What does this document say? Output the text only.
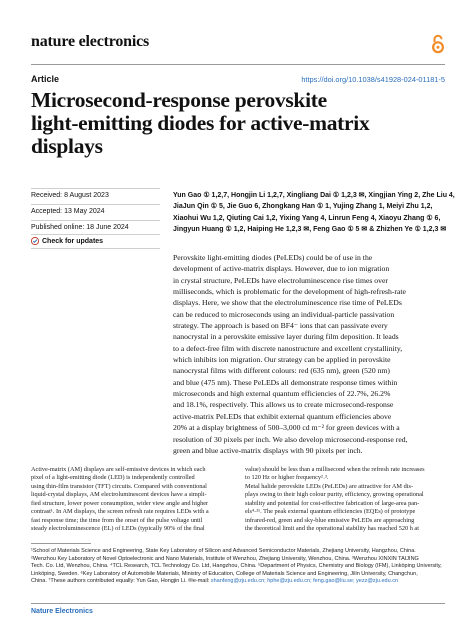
nature electronics
Article	https://doi.org/10.1038/s41928-024-01181-5
Microsecond-response perovskite
light-emitting diodes for active-matrix
displays
Received: 8 August 2023
Accepted: 13 May 2024
Published online: 18 June 2024
Check for updates
Yun Gao ① 1,2,7, Hongjin Li 1,2,7, Xingliang Dai ① 1,2,3 ✉, Xingjian Ying 2, Zhe Liu 4,
JiaJun Qin ① 5, Jie Guo 6, Zhongkang Han ① 1, Yujing Zhang 1, Meiyi Zhu 1,2,
Xiaohui Wu 1,2, Qiuting Cai 1,2, Yixing Yang 4, Linrun Feng 4, Xiaoyu Zhang ① 6,
Jingyun Huang ① 1,2, Haiping He 1,2,3 ✉, Feng Gao ① 5 ✉ & Zhizhen Ye ① 1,2,3 ✉
Perovskite light-emitting diodes (PeLEDs) could be of use in the
development of active-matrix displays. However, due to ion migration
in crystal structure, PeLEDs have electroluminescence rise times over
milliseconds, which is problematic for the development of high-refresh-rate
displays. Here, we show that the electroluminescence rise time of PeLEDs
can be reduced to microseconds using an individual-particle passivation
strategy. The approach is based on BF4⁻ ions that can passivate every
nanocrystal in a perovskite emissive layer during film deposition. It leads
to a defect-free film with discrete nanostructure and excellent crystallinity,
which inhibits ion migration. Our strategy can be applied in perovskite
nanocrystal films with different colours: red (635 nm), green (520 nm)
and blue (475 nm). These PeLEDs all demonstrate response times within
microseconds and high external quantum efficiencies of 22.7%, 26.2%
and 18.1%, respectively. This allows us to create microsecond-response
active-matrix PeLEDs that exhibit external quantum efficiencies above
20% at a display brightness of 500–3,000 cd m⁻² for green devices with a
resolution of 30 pixels per inch. We also develop microsecond-response red,
green and blue active-matrix displays with 90 pixels per inch.
Active-matrix (AM) displays are self-emissive devices in which each
pixel of a light-emitting diode (LED) is independently controlled
using thin-film transistor (TFT) circuits. Compared with conventional
liquid-crystal displays, AM electroluminescent devices have a simpli-
fied structure, lower power consumption, wider view angle and higher
contrast¹. In AM displays, the screen refresh rate requires LEDs with a
fast response time; the time from the onset of the pulse voltage until
steady electroluminescence (EL) of LEDs (typically 90% of the final
value) should be less than a millisecond when the refresh rate increases
to 120 Hz or higher frequency²˒³.
Metal halide perovskite LEDs (PeLEDs) are attractive for AM dis-
plays owing to their high colour purity, efficiency, growing operational
stability and potential for cost-effective fabrication of large-area pan-
els⁴˗¹¹. The peak external quantum efficiencies (EQEs) of prototype
infrared-red, green and sky-blue emissive PeLEDs are approaching
the theoretical limit and the operational stability has reached 520 h at
¹School of Materials Science and Engineering, State Key Laboratory of Silicon and Advanced Semiconductor Materials, Zhejiang University, Hangzhou, China.
²Wenzhou Key Laboratory of Novel Optoelectronic and Nano Materials, Institute of Wenzhou, Zhejiang University, Wenzhou, China. ³Wenzhou XINXIN TAIJING
Tech. Co. Ltd, Wenzhou, China. ⁴TCL Research, TCL Technology Co. Ltd, Hangzhou, China. ⁵Department of Physics, Chemistry and Biology (IFM), Linköping University,
Linköping, Sweden. ⁶Key Laboratory of Automobile Materials, Ministry of Education, College of Materials Science and Engineering, Jilin University, Changchun,
China. ⁷These authors contributed equally: Yun Gao, Hongjin Li. ✉e-mail: shanfeng@zju.edu.cn; hphe@zju.edu.cn; feng.gao@liu.se; yezz@zju.edu.cn
Nature Electronics
